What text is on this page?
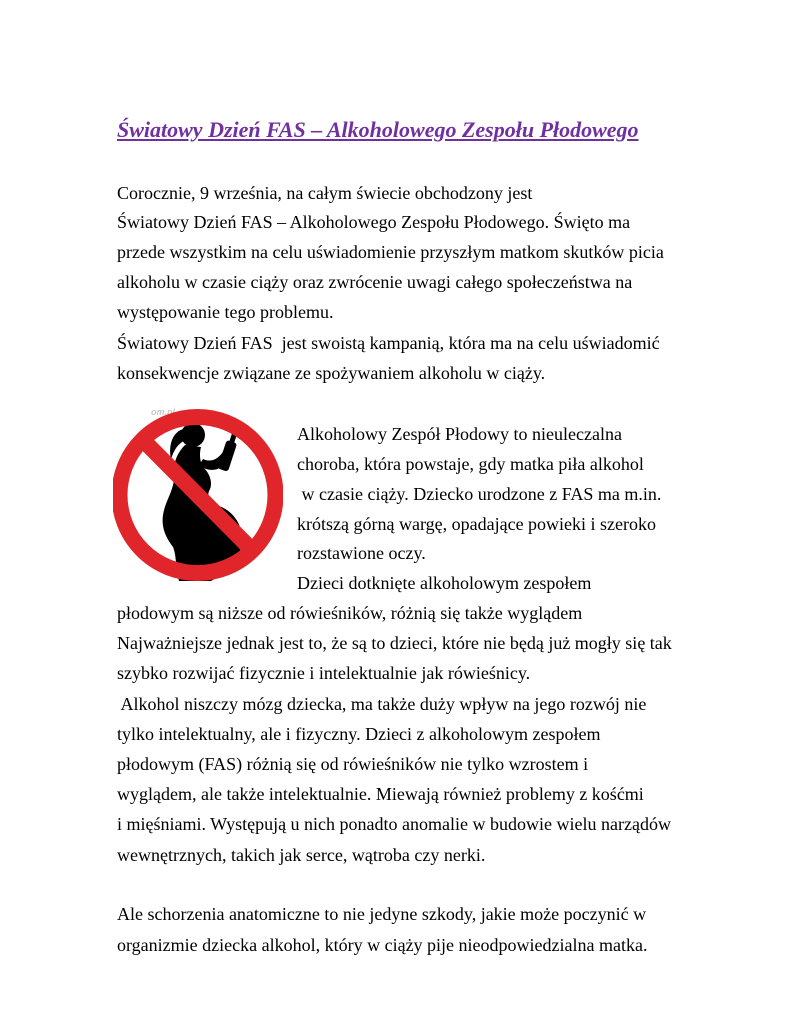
Światowy Dzień FAS – Alkoholowego Zespołu Płodowego
Corocznie, 9 września, na całym świecie obchodzony jest
Światowy Dzień FAS – Alkoholowego Zespołu Płodowego. Święto ma
przede wszystkim na celu uświadomienie przyszłym matkom skutków picia
alkoholu w czasie ciąży oraz zwrócenie uwagi całego społeczeństwa na
występowanie tego problemu.
Światowy Dzień FAS  jest swoistą kampanią, która ma na celu uświadomić
konsekwencje związane ze spożywaniem alkoholu w ciąży.
om.pl
Alkoholowy Zespół Płodowy to nieuleczalna
choroba, która powstaje, gdy matka piła alkohol
w czasie ciąży. Dziecko urodzone z FAS ma m.in.
krótszą górną wargę, opadające powieki i szeroko
rozstawione oczy.
Dzieci dotknięte alkoholowym zespołem
płodowym są niższe od rówieśników, różnią się także wyglądem
Najważniejsze jednak jest to, że są to dzieci, które nie będą już mogły się tak
szybko rozwijać fizycznie i intelektualnie jak rówieśnicy.
Alkohol niszczy mózg dziecka, ma także duży wpływ na jego rozwój nie
tylko intelektualny, ale i fizyczny. Dzieci z alkoholowym zespołem
płodowym (FAS) różnią się od rówieśników nie tylko wzrostem i
wyglądem, ale także intelektualnie. Miewają również problemy z kośćmi
i mięśniami. Występują u nich ponadto anomalie w budowie wielu narządów
wewnętrznych, takich jak serce, wątroba czy nerki.
Ale schorzenia anatomiczne to nie jedyne szkody, jakie może poczynić w
organizmie dziecka alkohol, który w ciąży pije nieodpowiedzialna matka.
